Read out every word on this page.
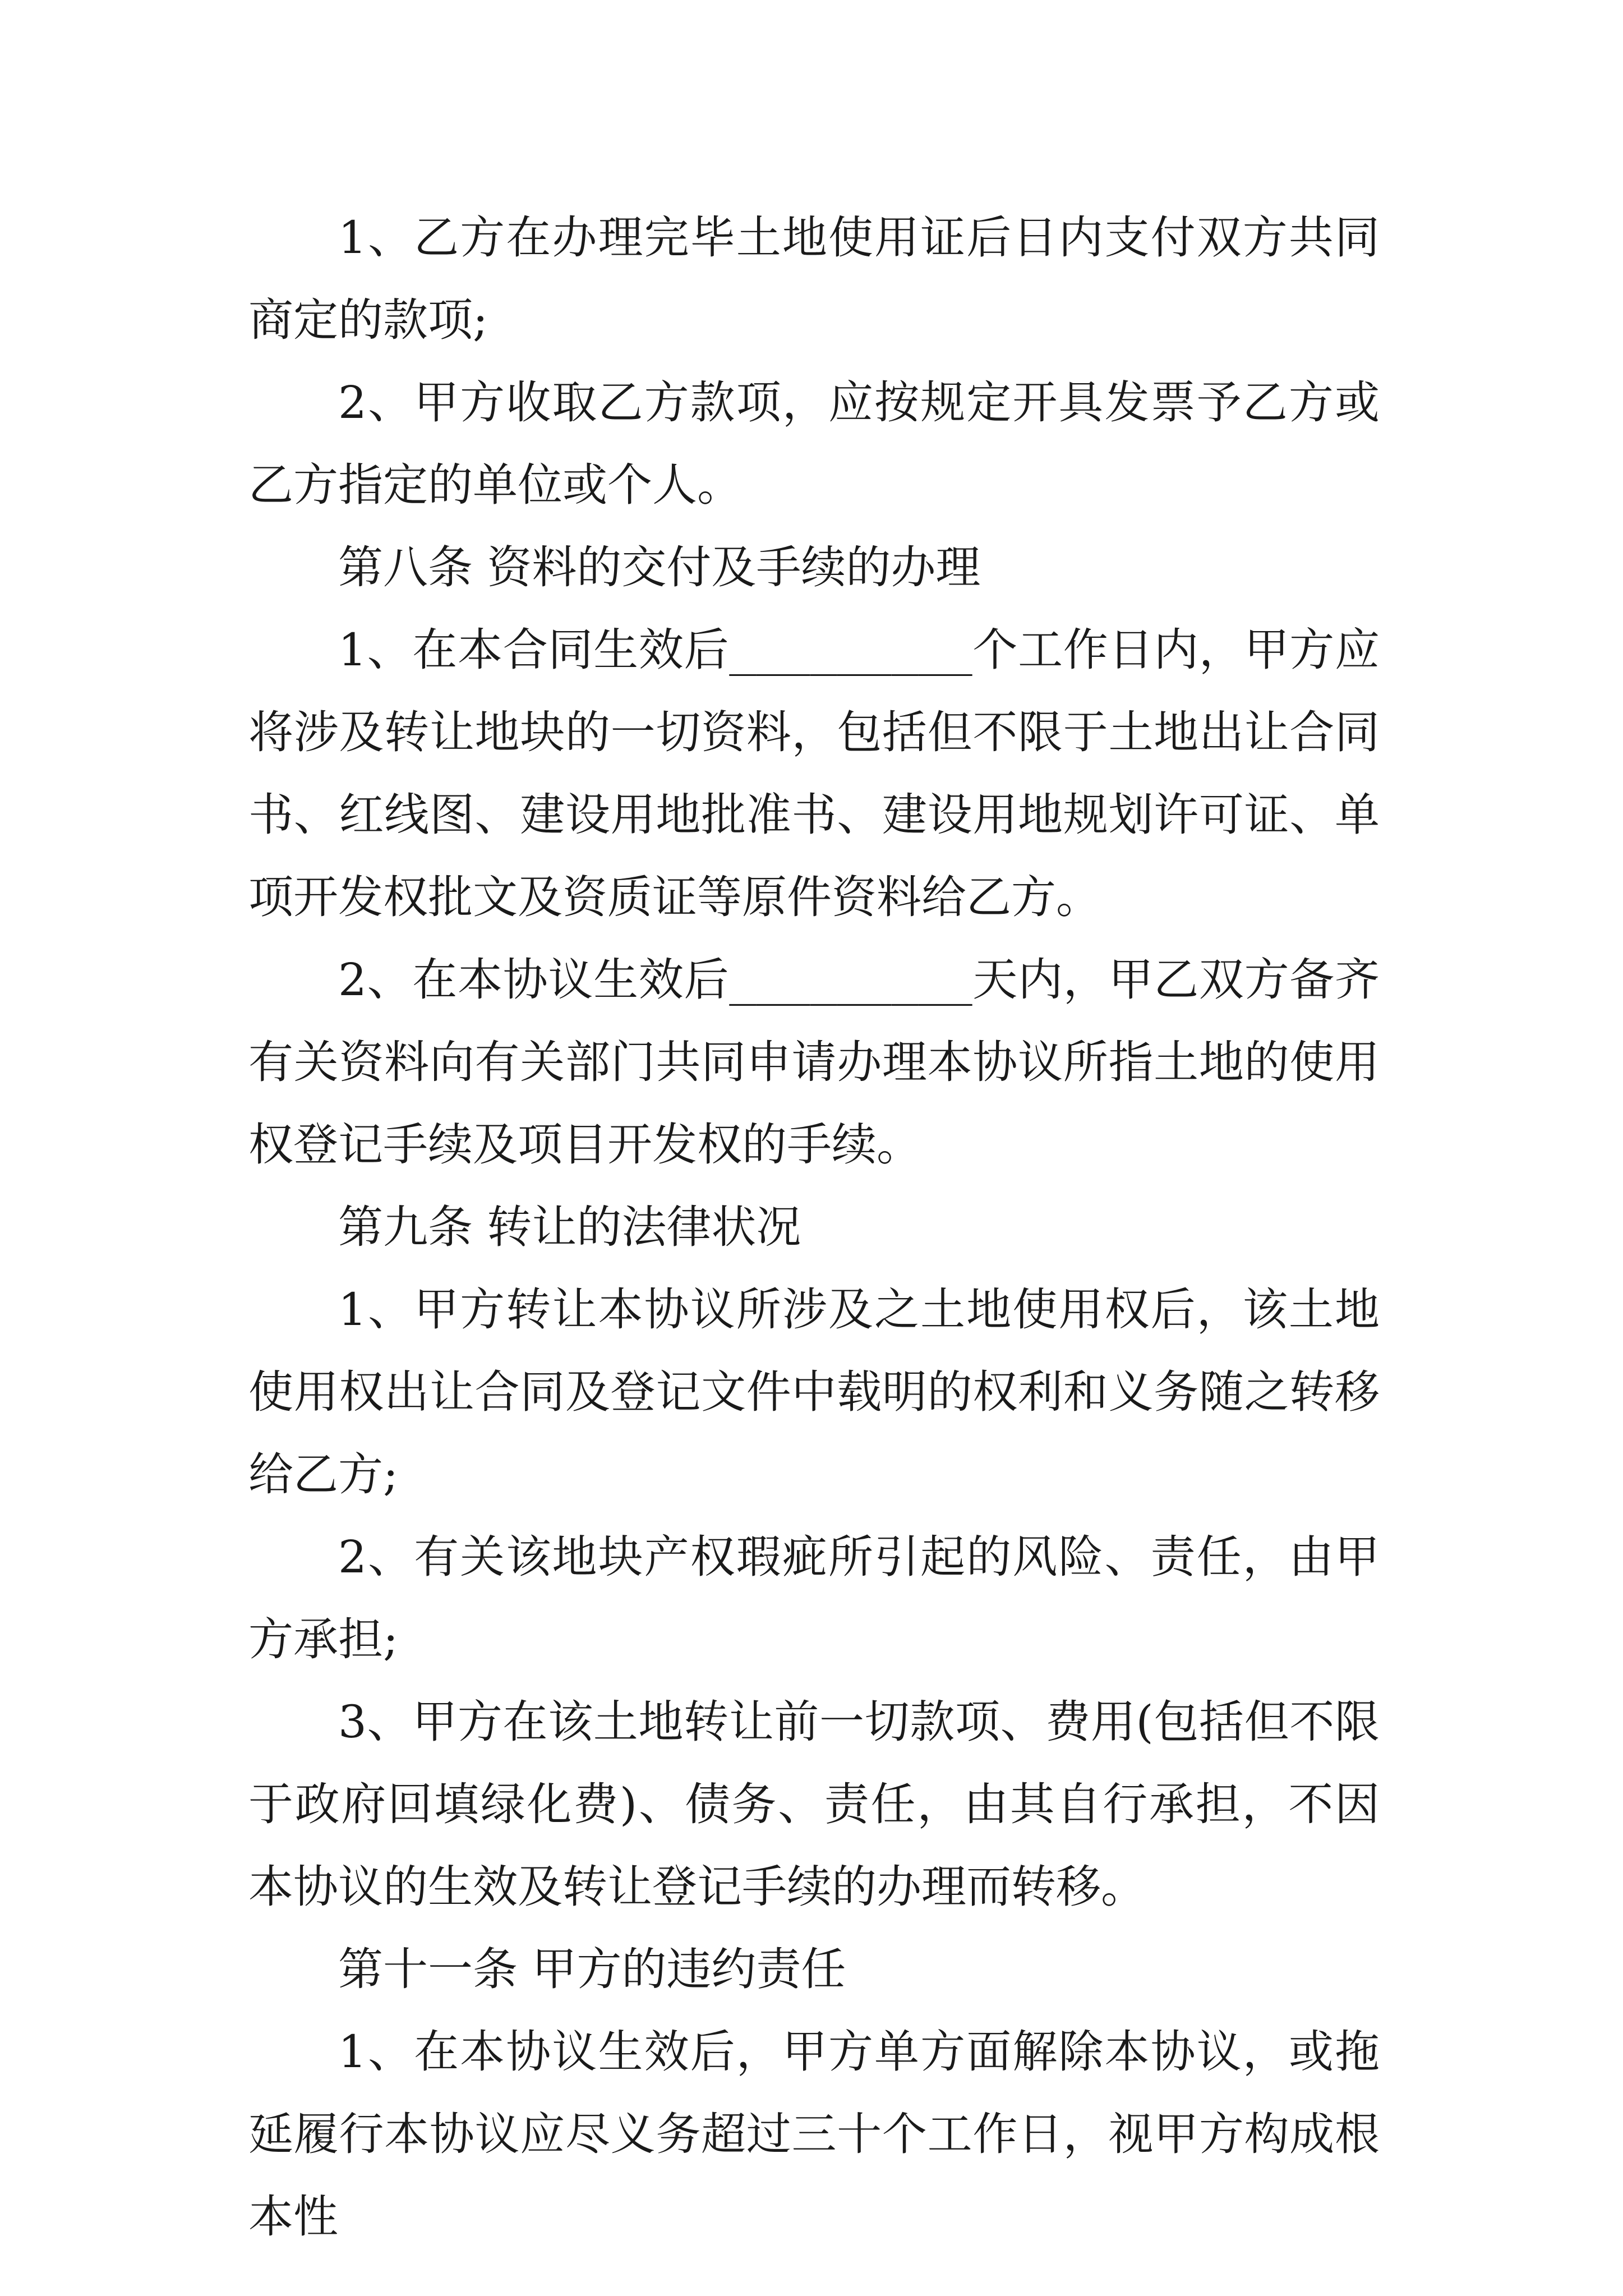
1、乙方在办理完毕土地使用证后日内支付双方共同商定的款项;

2、甲方收取乙方款项，应按规定开具发票予乙方或乙方指定的单位或个人。

第八条 资料的交付及手续的办理

1、在本合同生效后_________个工作日内，甲方应将涉及转让地块的一切资料，包括但不限于土地出让合同书、红线图、建设用地批准书、建设用地规划许可证、单项开发权批文及资质证等原件资料给乙方。

2、在本协议生效后_________天内，甲乙双方备齐有关资料向有关部门共同申请办理本协议所指土地的使用权登记手续及项目开发权的手续。

第九条 转让的法律状况

1、甲方转让本协议所涉及之土地使用权后，该土地使用权出让合同及登记文件中载明的权利和义务随之转移给乙方;

2、有关该地块产权瑕疵所引起的风险、责任，由甲方承担;

3、甲方在该土地转让前一切款项、费用(包括但不限于政府回填绿化费)、债务、责任，由其自行承担，不因本协议的生效及转让登记手续的办理而转移。

第十一条 甲方的违约责任

1、在本协议生效后，甲方单方面解除本协议，或拖延履行本协议应尽义务超过三十个工作日，视甲方构成根本性
